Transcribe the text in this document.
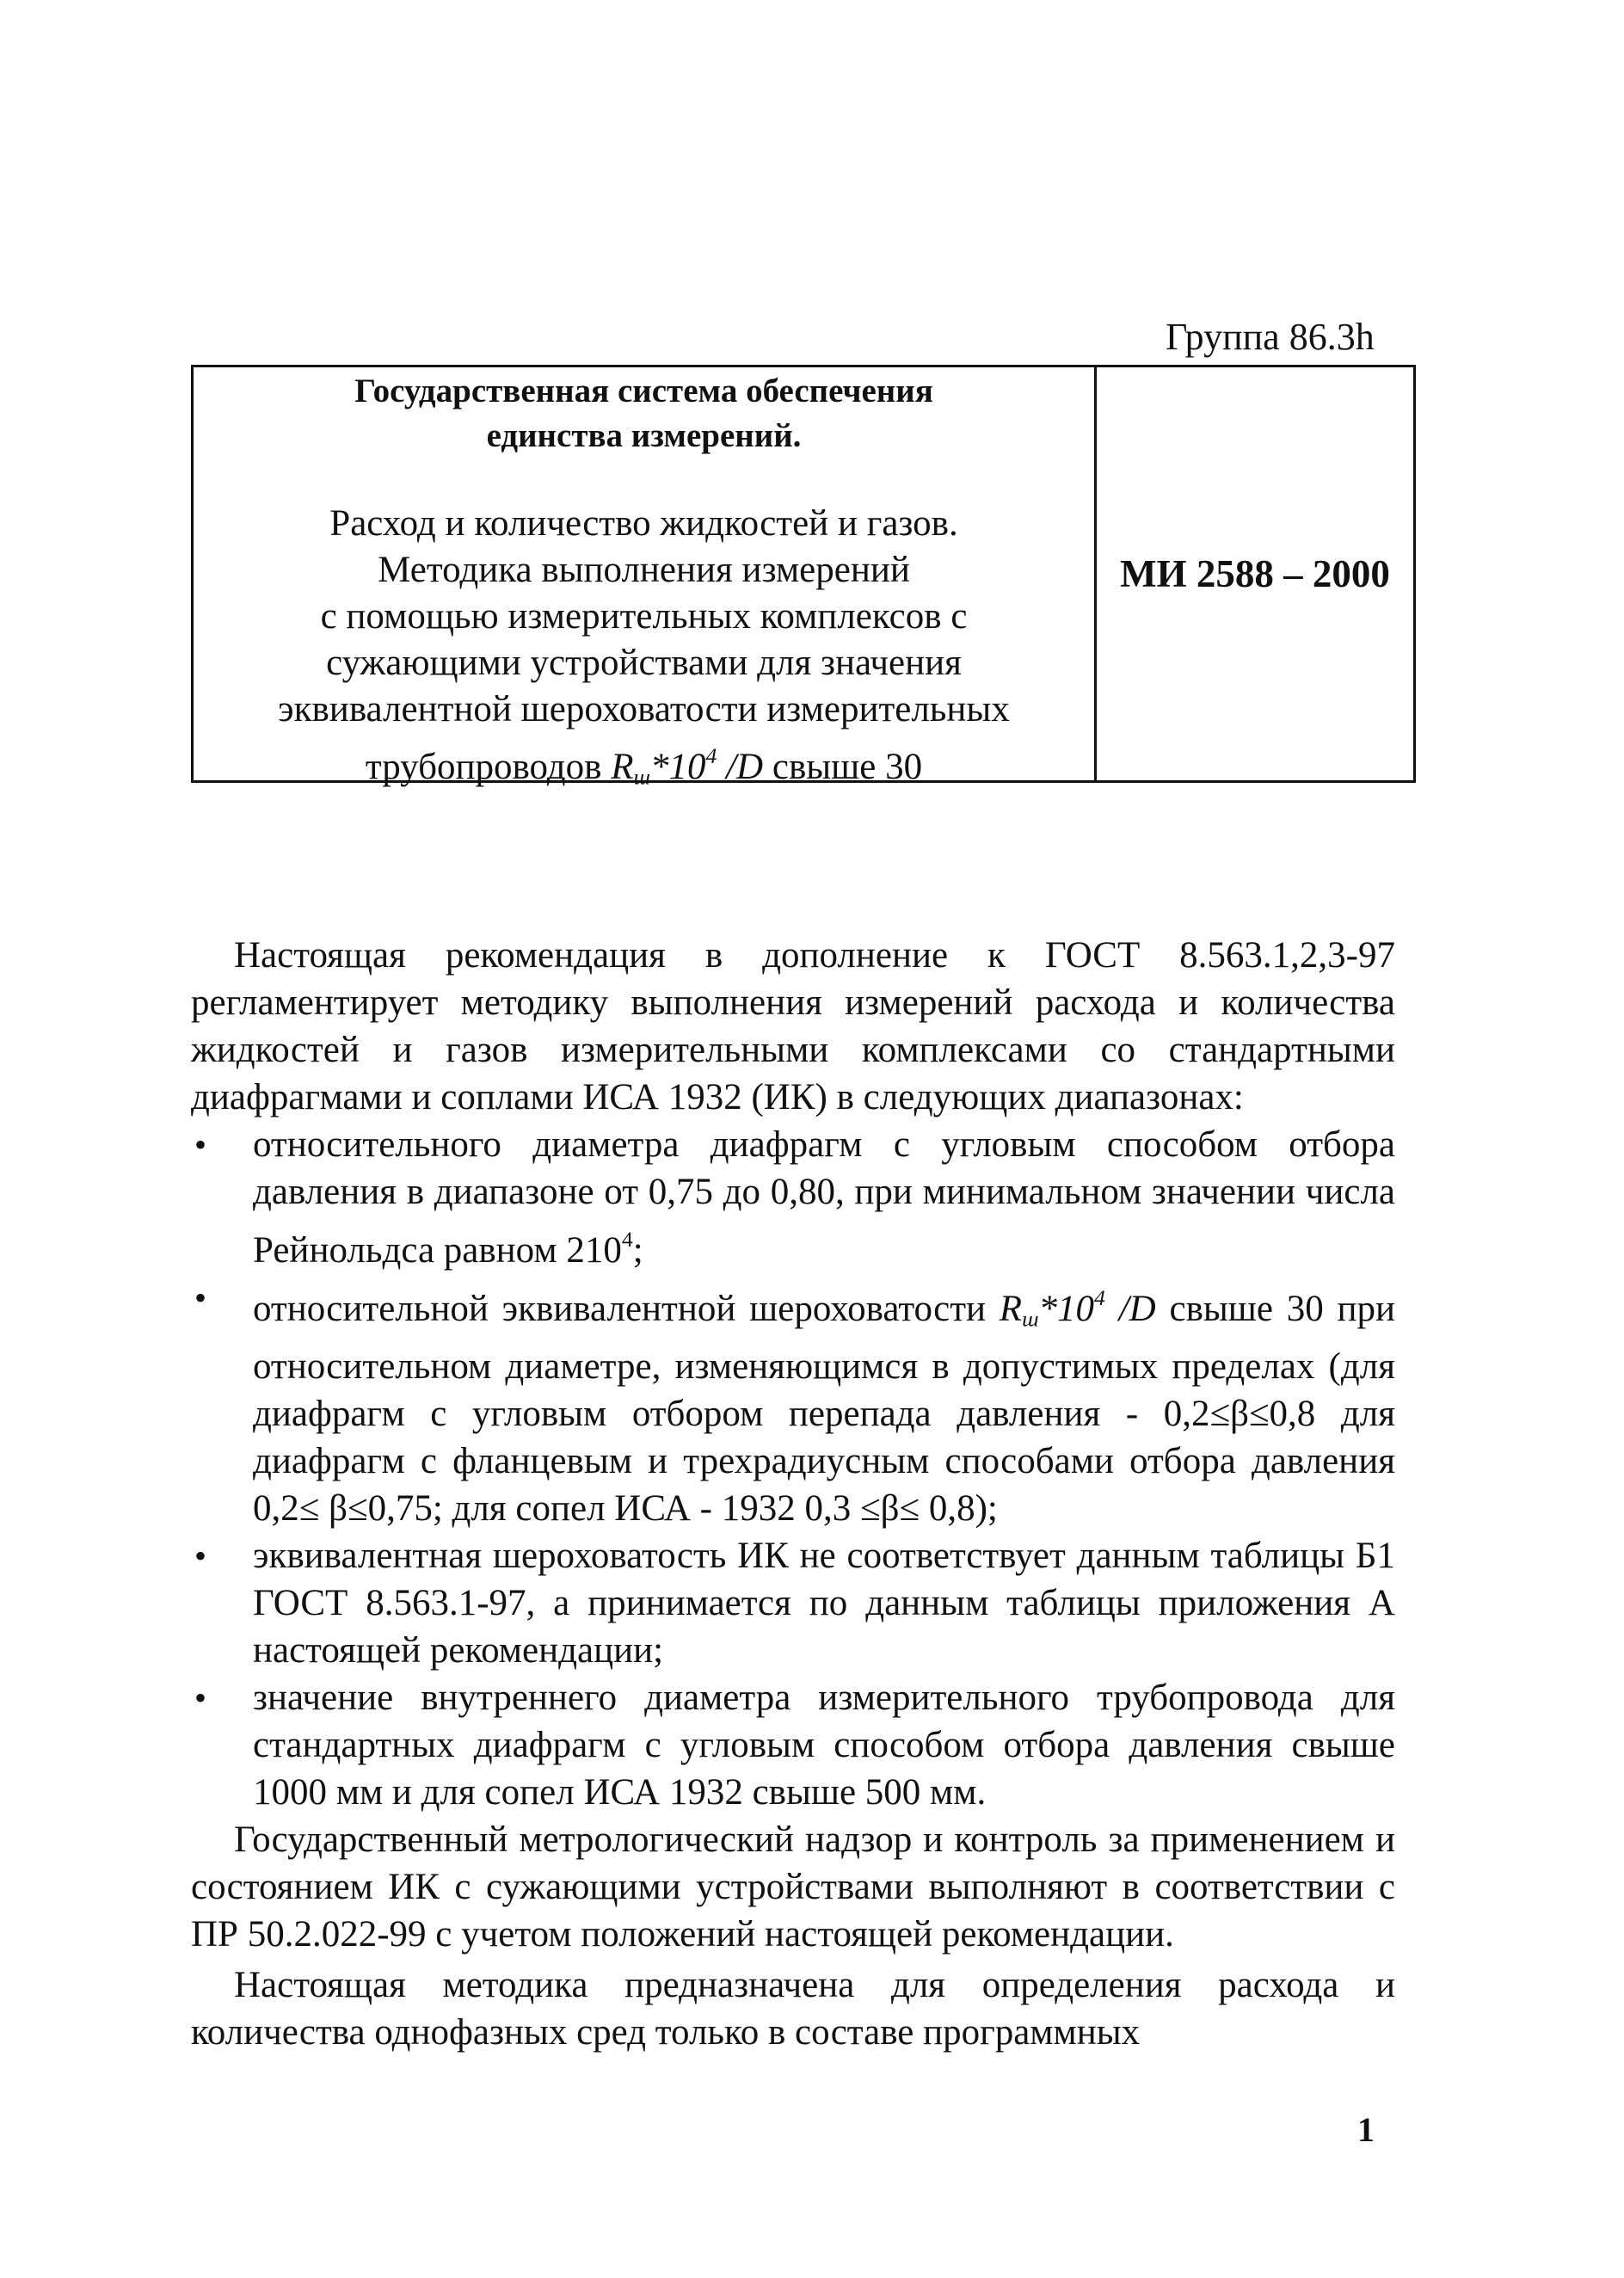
Группа 86.3h
Государственная система обеспечения
единства измерений.
Расход и количество жидкостей и газов.
Методика выполнения измерений
с помощью измерительных комплексов с
сужающими устройствами для значения
эквивалентной шероховатости измерительных
трубопроводов $R_ш*10^4$ /D свыше 30
МИ 2588 – 2000

Настоящая рекомендация в дополнение к ГОСТ 8.563.1,2,3-97 регламентирует методику выполнения измерений расхода и количества жидкостей и газов измерительными комплексами со стандартными диафрагмами и соплами ИСА 1932 (ИК) в следующих диапазонах:

• относительного диаметра диафрагм с угловым способом отбора давления в диапазоне от 0,75 до 0,80, при минимальном значении числа Рейнольдса равном $210^4$;
• относительной эквивалентной шероховатости $R_ш*10^4$ /D свыше 30 при относительном диаметре, изменяющимся в допустимых пределах (для диафрагм с угловым отбором перепада давления - 0,2≤β≤0,8 для диафрагм с фланцевым и трехрадиусным способами отбора давления 0,2≤ β≤0,75; для сопел ИСА - 1932 0,3 ≤β≤ 0,8);
• эквивалентная шероховатость ИК не соответствует данным таблицы Б1 ГОСТ 8.563.1-97, а принимается по данным таблицы приложения А настоящей рекомендации;
• значение внутреннего диаметра измерительного трубопровода для стандартных диафрагм с угловым способом отбора давления свыше 1000 мм и для сопел ИСА 1932 свыше 500 мм.

Государственный метрологический надзор и контроль за применением и состоянием ИК с сужающими устройствами выполняют в соответствии с ПР 50.2.022-99 с учетом положений настоящей рекомендации.

Настоящая методика предназначена для определения расхода и количества однофазных сред только в составе программных

1
